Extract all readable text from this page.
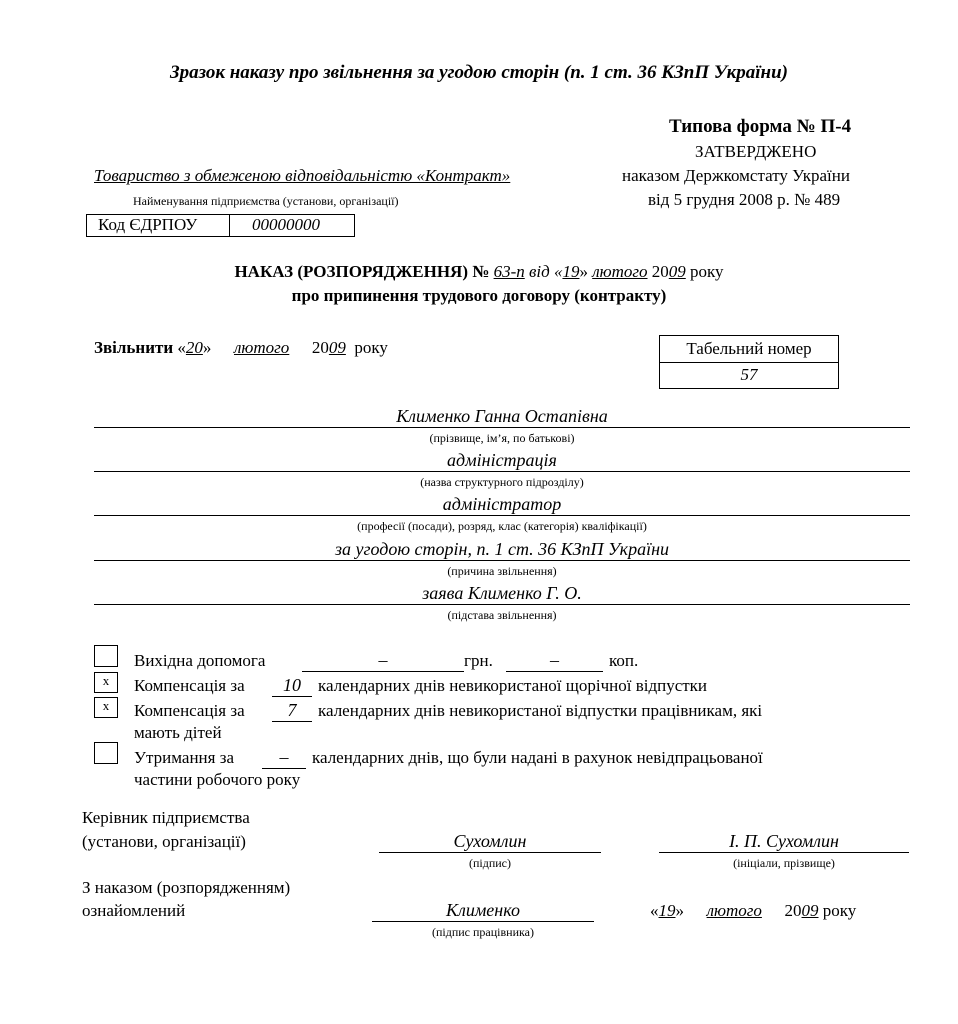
Зразок наказу про звільнення за угодою сторін (п. 1 ст. 36 КЗпП України)
Типова форма № П-4
ЗАТВЕРДЖЕНО
наказом Держкомстату України
від 5 грудня 2008 р. № 489
Товариство з обмеженою відповідальністю «Контракт»
Найменування підприємства (установи, організації)
Код ЄДРПОУ	00000000
НАКАЗ (РОЗПОРЯДЖЕННЯ) № 63-п від «19» лютого 2009 року
про припинення трудового договору (контракту)
Звільнити «20» лютого 2009 року	Табельний номер
57
Клименко Ганна Остапівна
(прізвище, ім’я, по батькові)
адміністрація
(назва структурного підрозділу)
адміністратор
(професії (посади), розряд, клас (категорія) кваліфікації)
за угодою сторін, п. 1 ст. 36 КЗпП України
(причина звільнення)
заява Клименко Г. О.
(підстава звільнення)
Вихідна допомога	–	грн.	–	коп.
x	Компенсація за	10	календарних днів невикористаної щорічної відпустки
x	Компенсація за	7	календарних днів невикористаної відпустки працівникам, які
мають дітей
Утримання за	–	календарних днів, що були надані в рахунок невідпрацьованої
частини робочого року
Керівник підприємства
(установи, організації)	Сухомлин
(підпис)
І. П. Сухомлин
(ініціали, прізвище)
З наказом (розпорядженням)
ознайомлений	Клименко
(підпис працівника)
«19» лютого 2009 року
